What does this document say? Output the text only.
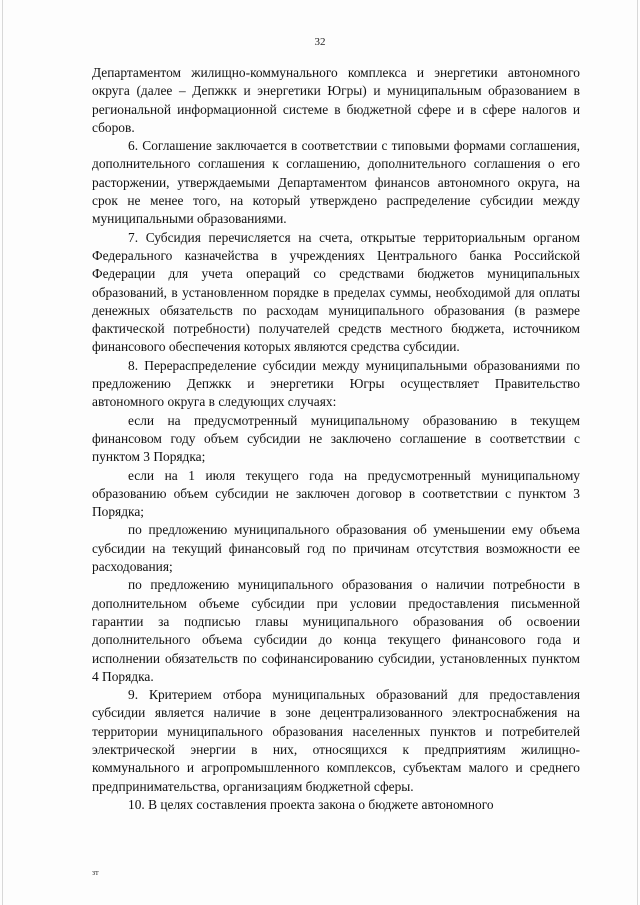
32

Департаментом жилищно-коммунального комплекса и энергетики автономного округа (далее – Депжкк и энергетики Югры) и муниципальным образованием в региональной информационной системе в бюджетной сфере и в сфере налогов и сборов.

6. Соглашение заключается в соответствии с типовыми формами соглашения, дополнительного соглашения к соглашению, дополнительного соглашения о его расторжении, утверждаемыми Департаментом финансов автономного округа, на срок не менее того, на который утверждено распределение субсидии между муниципальными образованиями.

7. Субсидия перечисляется на счета, открытые территориальным органом Федерального казначейства в учреждениях Центрального банка Российской Федерации для учета операций со средствами бюджетов муниципальных образований, в установленном порядке в пределах суммы, необходимой для оплаты денежных обязательств по расходам муниципального образования (в размере фактической потребности) получателей средств местного бюджета, источником финансового обеспечения которых являются средства субсидии.

8. Перераспределение субсидии между муниципальными образованиями по предложению Депжкк и энергетики Югры осуществляет Правительство автономного округа в следующих случаях:

если на предусмотренный муниципальному образованию в текущем финансовом году объем субсидии не заключено соглашение в соответствии с пунктом 3 Порядка;

если на 1 июля текущего года на предусмотренный муниципальному образованию объем субсидии не заключен договор в соответствии с пунктом 3 Порядка;

по предложению муниципального образования об уменьшении ему объема субсидии на текущий финансовый год по причинам отсутствия возможности ее расходования;

по предложению муниципального образования о наличии потребности в дополнительном объеме субсидии при условии предоставления письменной гарантии за подписью главы муниципального образования об освоении дополнительного объема субсидии до конца текущего финансового года и исполнении обязательств по софинансированию субсидии, установленных пунктом 4 Порядка.

9. Критерием отбора муниципальных образований для предоставления субсидии является наличие в зоне децентрализованного электроснабжения на территории муниципального образования населенных пунктов и потребителей электрической энергии в них, относящихся к предприятиям жилищно-коммунального и агропромышленного комплексов, субъектам малого и среднего предпринимательства, организациям бюджетной сферы.

10. В целях составления проекта закона о бюджете автономного

зт
